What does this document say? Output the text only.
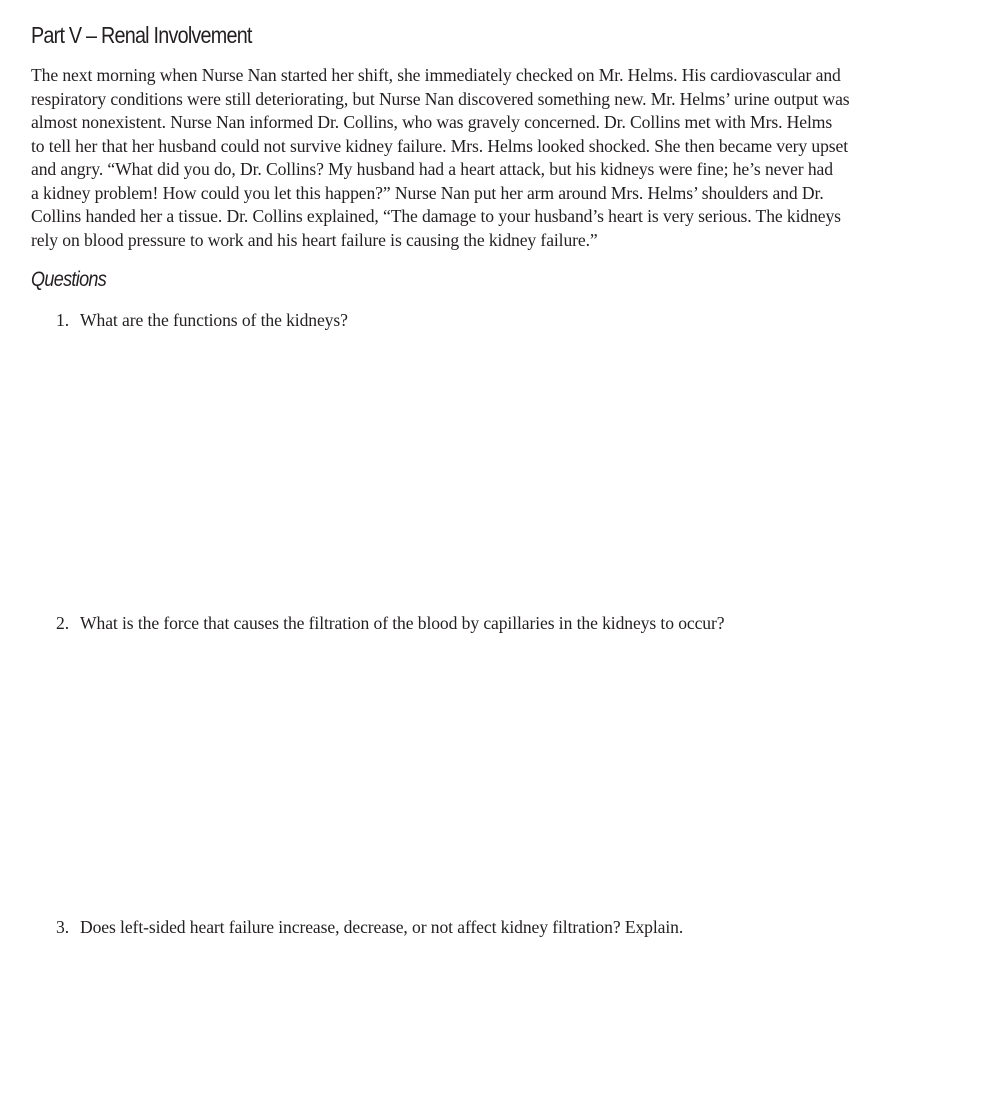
Part V – Renal Involvement

The next morning when Nurse Nan started her shift, she immediately checked on Mr. Helms. His cardiovascular and
respiratory conditions were still deteriorating, but Nurse Nan discovered something new. Mr. Helms’ urine output was
almost nonexistent. Nurse Nan informed Dr. Collins, who was gravely concerned. Dr. Collins met with Mrs. Helms
to tell her that her husband could not survive kidney failure. Mrs. Helms looked shocked. She then became very upset
and angry. “What did you do, Dr. Collins? My husband had a heart attack, but his kidneys were fine; he’s never had
a kidney problem! How could you let this happen?” Nurse Nan put her arm around Mrs. Helms’ shoulders and Dr.
Collins handed her a tissue. Dr. Collins explained, “The damage to your husband’s heart is very serious. The kidneys
rely on blood pressure to work and his heart failure is causing the kidney failure.”

Questions
1. What are the functions of the kidneys?
2. What is the force that causes the filtration of the blood by capillaries in the kidneys to occur?
3. Does left-sided heart failure increase, decrease, or not affect kidney filtration? Explain.
